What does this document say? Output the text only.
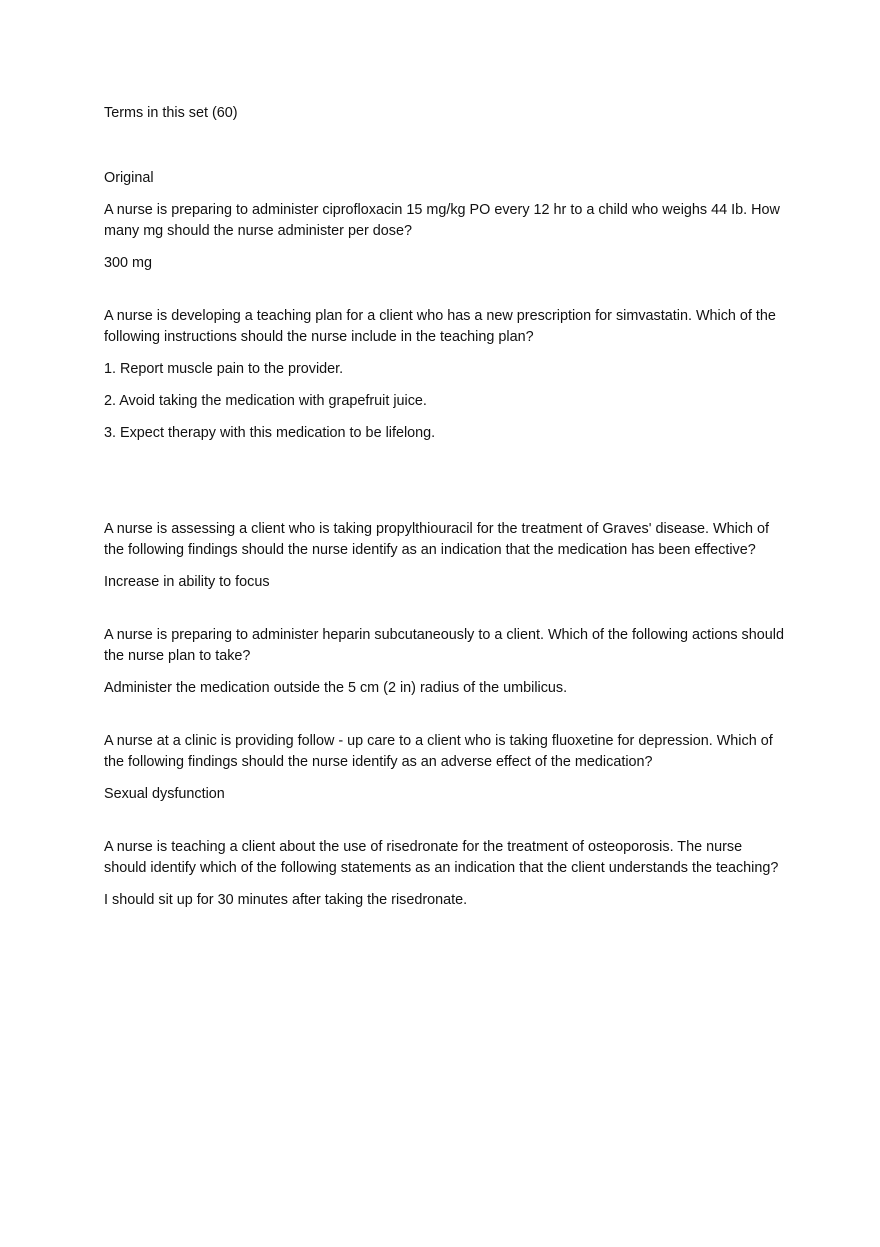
Terms in this set (60)

Original

A nurse is preparing to administer ciprofloxacin 15 mg/kg PO every 12 hr to a child who weighs 44 Ib. How many mg should the nurse administer per dose?

300 mg

A nurse is developing a teaching plan for a client who has a new prescription for simvastatin. Which of the following instructions should the nurse include in the teaching plan?

1. Report muscle pain to the provider.

2. Avoid taking the medication with grapefruit juice.

3. Expect therapy with this medication to be lifelong.

A nurse is assessing a client who is taking propylthiouracil for the treatment of Graves' disease. Which of the following findings should the nurse identify as an indication that the medication has been effective?

Increase in ability to focus

A nurse is preparing to administer heparin subcutaneously to a client. Which of the following actions should the nurse plan to take?

Administer the medication outside the 5 cm (2 in) radius of the umbilicus.

A nurse at a clinic is providing follow - up care to a client who is taking fluoxetine for depression. Which of the following findings should the nurse identify as an adverse effect of the medication?

Sexual dysfunction

A nurse is teaching a client about the use of risedronate for the treatment of osteoporosis. The nurse should identify which of the following statements as an indication that the client understands the teaching?

I should sit up for 30 minutes after taking the risedronate.
